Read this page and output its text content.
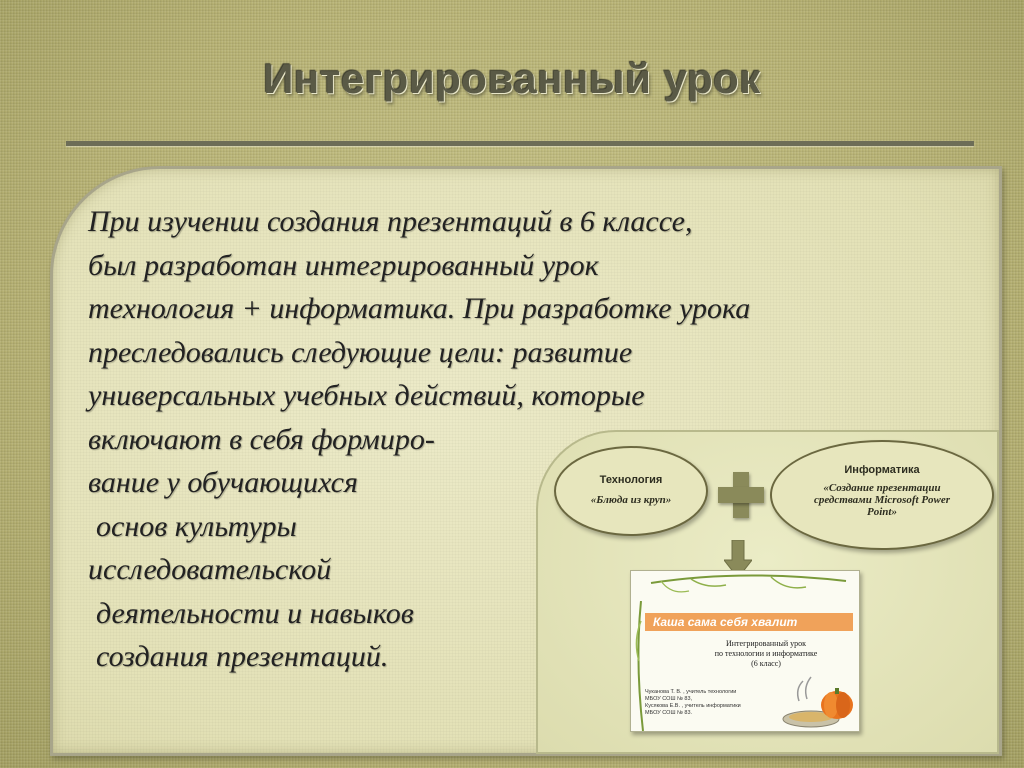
Интегрированный урок
При изучении создания презентаций в 6 классе,
был разработан интегрированный урок
технология + информатика. При разработке урока
преследовались следующие цели: развитие
универсальных учебных действий, которые
включают в себя формиро-
вание у обучающихся
основ культуры
исследовательской
деятельности и навыков
создания презентаций.
Технология
«Блюда из круп»
Информатика
«Создание презентации
средствами Microsoft Power
Point»
Каша сама себя хвалит
Интегрированный урок
по технологии и информатике
(6 класс)
Чуканова Т. В. , учитель технологии
МБОУ СОШ № 83,
Кусякова Е.В. , учитель информатики
МБОУ СОШ № 83.
